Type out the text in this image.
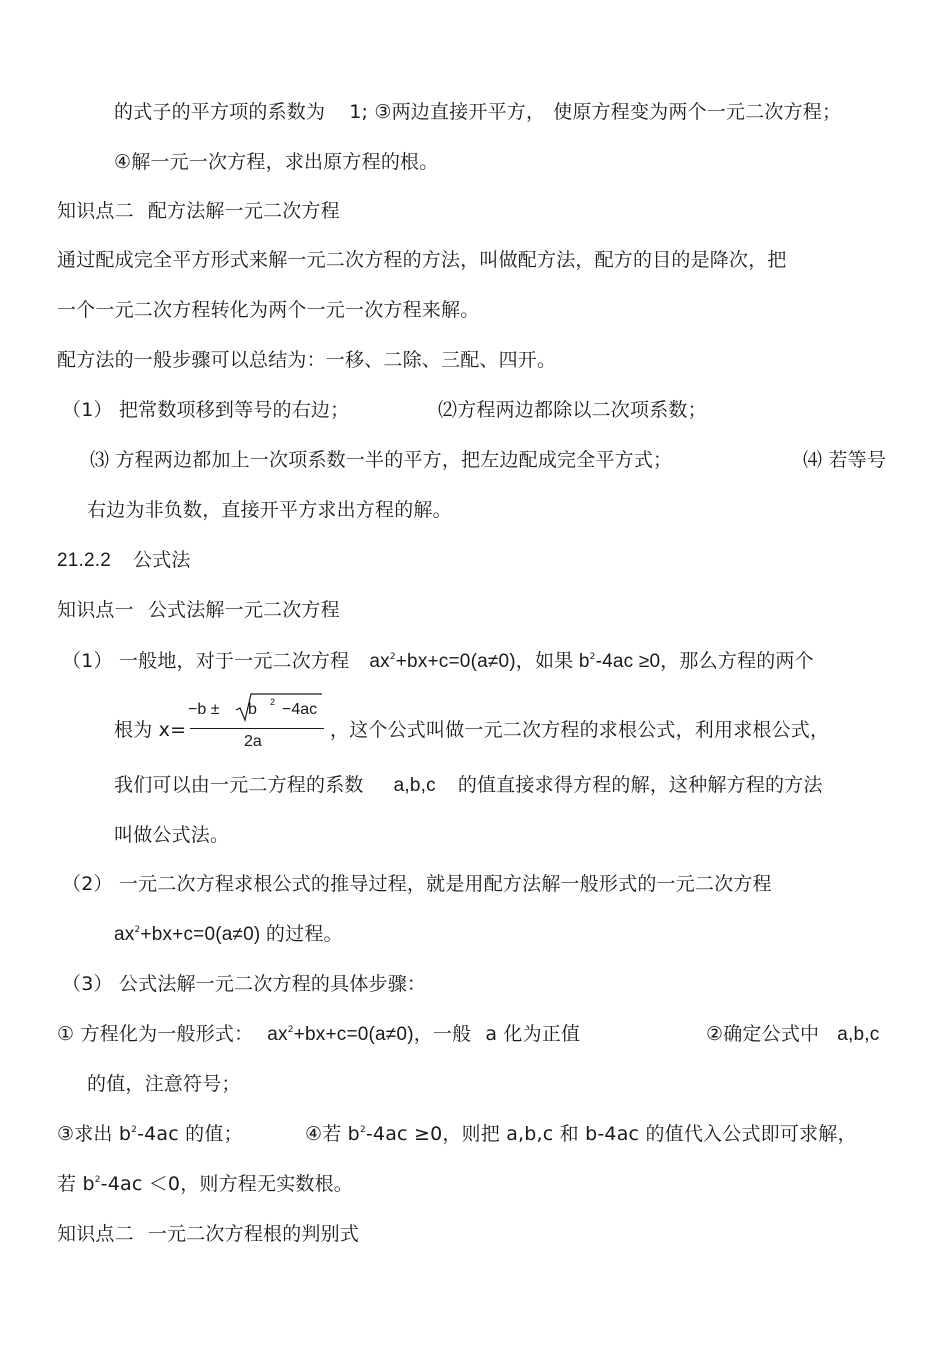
的式子的平方项的系数为 1; ③两边直接开平方， 使原方程变为两个一元二次方程；
④解一元一次方程，求出原方程的根。
知识点二 配方法解一元二次方程
通过配成完全平方形式来解一元二次方程的方法，叫做配方法，配方的目的是降次，把
一个一元二次方程转化为两个一元一次方程来解。
配方法的一般步骤可以总结为：一移、二除、三配、四开。
（1） 把常数项移到等号的右边；	⑵方程两边都除以二次项系数；
⑶ 方程两边都加上一次项系数一半的平方，把左边配成完全平方式；	⑷ 若等号
右边为非负数，直接开平方求出方程的解。
21.2.2 公式法
知识点一 公式法解一元二次方程
（1） 一般地，对于一元二次方程 $ax^2+bx+c=0(a\ne 0)$，如果 $b^2-4ac \ge 0$，那么方程的两个
根为 x=
−b ± b 2 −4ac
2a
，这个公式叫做一元二次方程的求根公式，利用求根公式，
我们可以由一元二方程的系数 a,b,c 的值直接求得方程的解，这种解方程的方法
叫做公式法。
（2） 一元二次方程求根公式的推导过程，就是用配方法解一般形式的一元二次方程
$ax^2+bx+c=0(a\ne 0)$ 的过程。
（3） 公式法解一元二次方程的具体步骤：
① 方程化为一般形式： $ax^2+bx+c=0(a\ne 0)$，一般 a 化为正值	②确定公式中 a,b,c
的值，注意符号；
③求出 $b^2-4ac$ 的值；	④若 $b^2-4ac \ge 0$，则把 a,b,c 和 b-4ac 的值代入公式即可求解，
若 $b^2-4ac <0$，则方程无实数根。
知识点二 一元二次方程根的判别式
